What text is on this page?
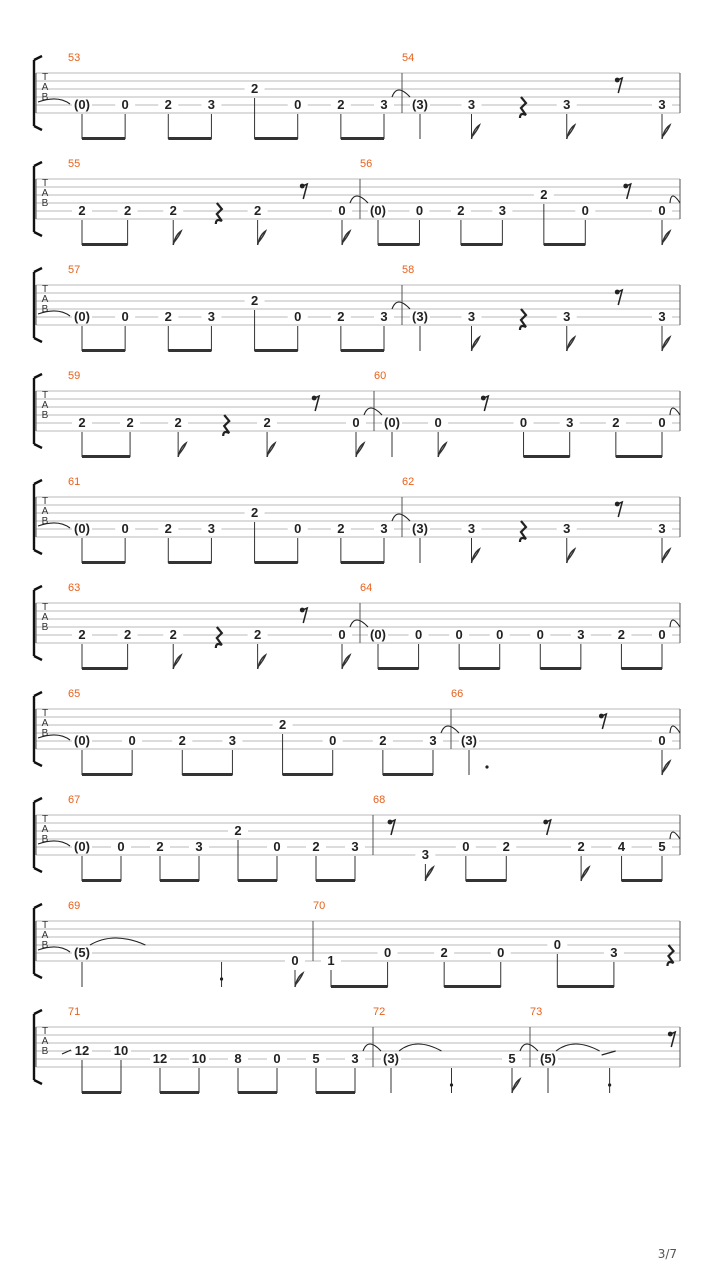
T
A
B
53
(0) 0	2	3
2
0	2	3
54
(3)	3	3	3
T
A
B
55
2	2	2	2	0
56
(0) 0	2	3
2
0	0
T
A
B
57
(0) 0	2	3
2
0	2	3
58
(3)	3	3	3
T
A
B
59
2	2	2	2	0
60
(0)	0	0	3	2	0
T
A
B
61
(0) 0	2	3
2
0	2	3
62
(3)	3	3	3
T
A
B
63
2	2	2	2	0
64
(0) 0	0	0	0	3	2	0
T
A
B
65
(0)	0	2	3
2
0	2	3
66
(3)	0
T
A
B
67
(0) 0 2 3
2
0 2 3
68
3
0	2	2	4	5
T
A
B
69
(5)
0
70
1
0	2	0
0
3
T
A
B
71
12 10
12 10 8 0 5 3
72
(3)	5
73
(5)
3/7
